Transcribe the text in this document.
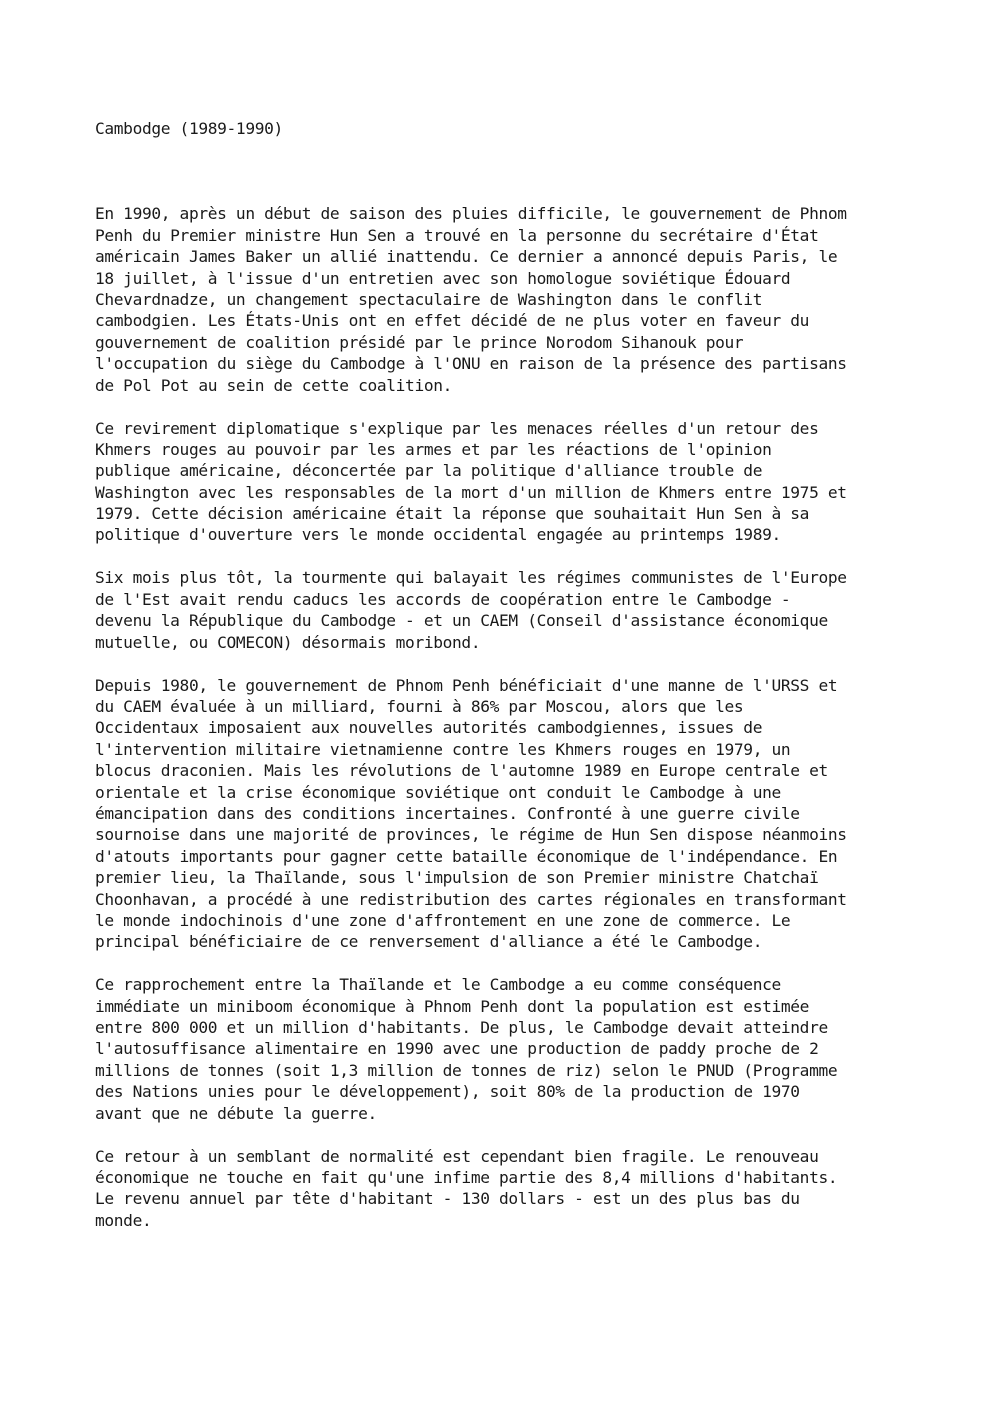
Cambodge (1989-1990)
En 1990, après un début de saison des pluies difficile, le gouvernement de Phnom
Penh du Premier ministre Hun Sen a trouvé en la personne du secrétaire d'État
américain James Baker un allié inattendu. Ce dernier a annoncé depuis Paris, le
18 juillet, à l'issue d'un entretien avec son homologue soviétique Édouard
Chevardnadze, un changement spectaculaire de Washington dans le conflit
cambodgien. Les États-Unis ont en effet décidé de ne plus voter en faveur du
gouvernement de coalition présidé par le prince Norodom Sihanouk pour
l'occupation du siège du Cambodge à l'ONU en raison de la présence des partisans
de Pol Pot au sein de cette coalition.
Ce revirement diplomatique s'explique par les menaces réelles d'un retour des
Khmers rouges au pouvoir par les armes et par les réactions de l'opinion
publique américaine, déconcertée par la politique d'alliance trouble de
Washington avec les responsables de la mort d'un million de Khmers entre 1975 et
1979. Cette décision américaine était la réponse que souhaitait Hun Sen à sa
politique d'ouverture vers le monde occidental engagée au printemps 1989.
Six mois plus tôt, la tourmente qui balayait les régimes communistes de l'Europe
de l'Est avait rendu caducs les accords de coopération entre le Cambodge -
devenu la République du Cambodge - et un CAEM (Conseil d'assistance économique
mutuelle, ou COMECON) désormais moribond.
Depuis 1980, le gouvernement de Phnom Penh bénéficiait d'une manne de l'URSS et
du CAEM évaluée à un milliard, fourni à 86% par Moscou, alors que les
Occidentaux imposaient aux nouvelles autorités cambodgiennes, issues de
l'intervention militaire vietnamienne contre les Khmers rouges en 1979, un
blocus draconien. Mais les révolutions de l'automne 1989 en Europe centrale et
orientale et la crise économique soviétique ont conduit le Cambodge à une
émancipation dans des conditions incertaines. Confronté à une guerre civile
sournoise dans une majorité de provinces, le régime de Hun Sen dispose néanmoins
d'atouts importants pour gagner cette bataille économique de l'indépendance. En
premier lieu, la Thaïlande, sous l'impulsion de son Premier ministre Chatchaï
Choonhavan, a procédé à une redistribution des cartes régionales en transformant
le monde indochinois d'une zone d'affrontement en une zone de commerce. Le
principal bénéficiaire de ce renversement d'alliance a été le Cambodge.
Ce rapprochement entre la Thaïlande et le Cambodge a eu comme conséquence
immédiate un miniboom économique à Phnom Penh dont la population est estimée
entre 800 000 et un million d'habitants. De plus, le Cambodge devait atteindre
l'autosuffisance alimentaire en 1990 avec une production de paddy proche de 2
millions de tonnes (soit 1,3 million de tonnes de riz) selon le PNUD (Programme
des Nations unies pour le développement), soit 80% de la production de 1970
avant que ne débute la guerre.
Ce retour à un semblant de normalité est cependant bien fragile. Le renouveau
économique ne touche en fait qu'une infime partie des 8,4 millions d'habitants.
Le revenu annuel par tête d'habitant - 130 dollars - est un des plus bas du
monde.
